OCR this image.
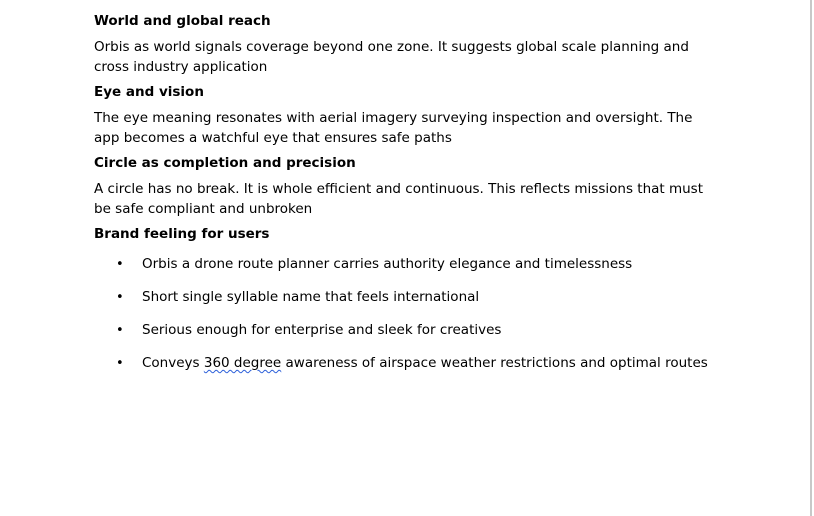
World and global reach

Orbis as world signals coverage beyond one zone. It suggests global scale planning and cross industry application

Eye and vision

The eye meaning resonates with aerial imagery surveying inspection and oversight. The app becomes a watchful eye that ensures safe paths

Circle as completion and precision

A circle has no break. It is whole efficient and continuous. This reflects missions that must be safe compliant and unbroken

Brand feeling for users
• Orbis a drone route planner carries authority elegance and timelessness
• Short single syllable name that feels international
• Serious enough for enterprise and sleek for creatives
• Conveys 360 degree awareness of airspace weather restrictions and optimal routes
